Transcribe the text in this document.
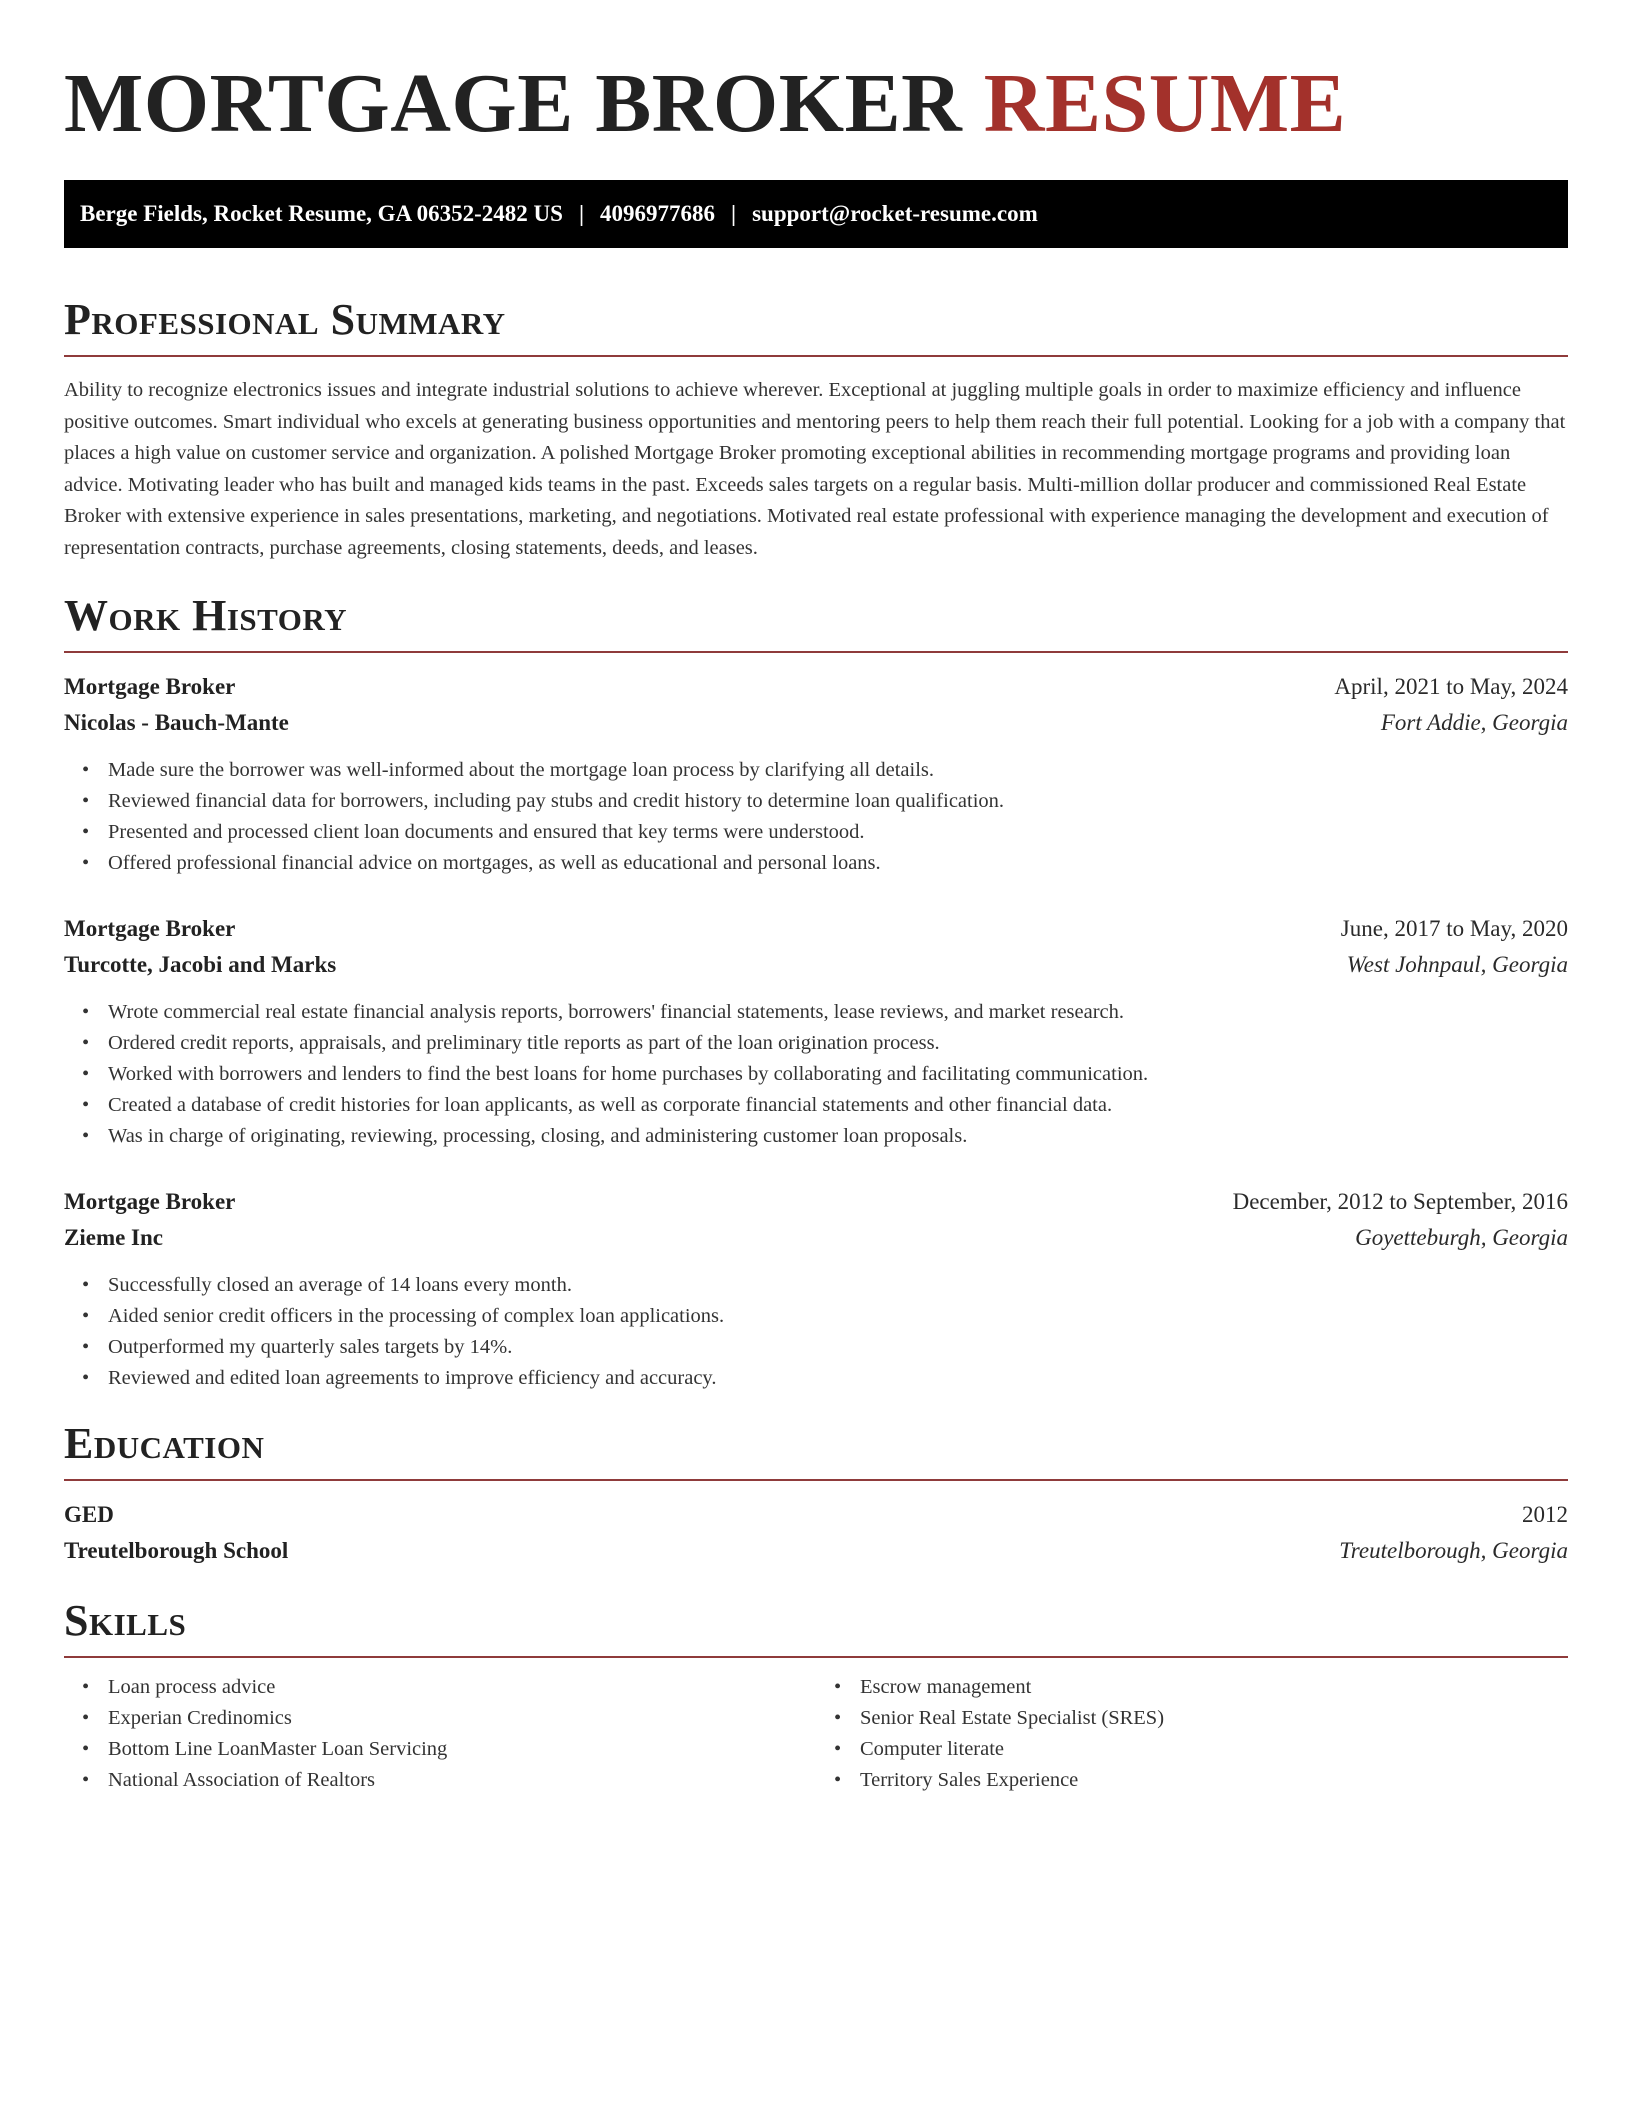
MORTGAGE BROKER RESUME
Berge Fields, Rocket Resume, GA 06352-2482 US | 4096977686 | support@rocket-resume.com
Professional Summary

Ability to recognize electronics issues and integrate industrial solutions to achieve wherever. Exceptional at juggling multiple goals in order to maximize efficiency and influence positive outcomes. Smart individual who excels at generating business opportunities and mentoring peers to help them reach their full potential. Looking for a job with a company that places a high value on customer service and organization. A polished Mortgage Broker promoting exceptional abilities in recommending mortgage programs and providing loan advice. Motivating leader who has built and managed kids teams in the past. Exceeds sales targets on a regular basis. Multi-million dollar producer and commissioned Real Estate Broker with extensive experience in sales presentations, marketing, and negotiations. Motivated real estate professional with experience managing the development and execution of representation contracts, purchase agreements, closing statements, deeds, and leases.

Work History
Mortgage Broker	April, 2021 to May, 2024
Nicolas - Bauch-Mante	Fort Addie, Georgia
• Made sure the borrower was well-informed about the mortgage loan process by clarifying all details.
• Reviewed financial data for borrowers, including pay stubs and credit history to determine loan qualification.
• Presented and processed client loan documents and ensured that key terms were understood.
• Offered professional financial advice on mortgages, as well as educational and personal loans.
Mortgage Broker	June, 2017 to May, 2020
Turcotte, Jacobi and Marks	West Johnpaul, Georgia
• Wrote commercial real estate financial analysis reports, borrowers' financial statements, lease reviews, and market research.
• Ordered credit reports, appraisals, and preliminary title reports as part of the loan origination process.
• Worked with borrowers and lenders to find the best loans for home purchases by collaborating and facilitating communication.
• Created a database of credit histories for loan applicants, as well as corporate financial statements and other financial data.
• Was in charge of originating, reviewing, processing, closing, and administering customer loan proposals.
Mortgage Broker	December, 2012 to September, 2016
Zieme Inc	Goyetteburgh, Georgia
• Successfully closed an average of 14 loans every month.
• Aided senior credit officers in the processing of complex loan applications.
• Outperformed my quarterly sales targets by 14%.
• Reviewed and edited loan agreements to improve efficiency and accuracy.
Education
GED	2012
Treutelborough School	Treutelborough, Georgia
Skills
• Loan process advice
• Experian Credinomics
• Bottom Line LoanMaster Loan Servicing
• National Association of Realtors
• Escrow management
• Senior Real Estate Specialist (SRES)
• Computer literate
• Territory Sales Experience
